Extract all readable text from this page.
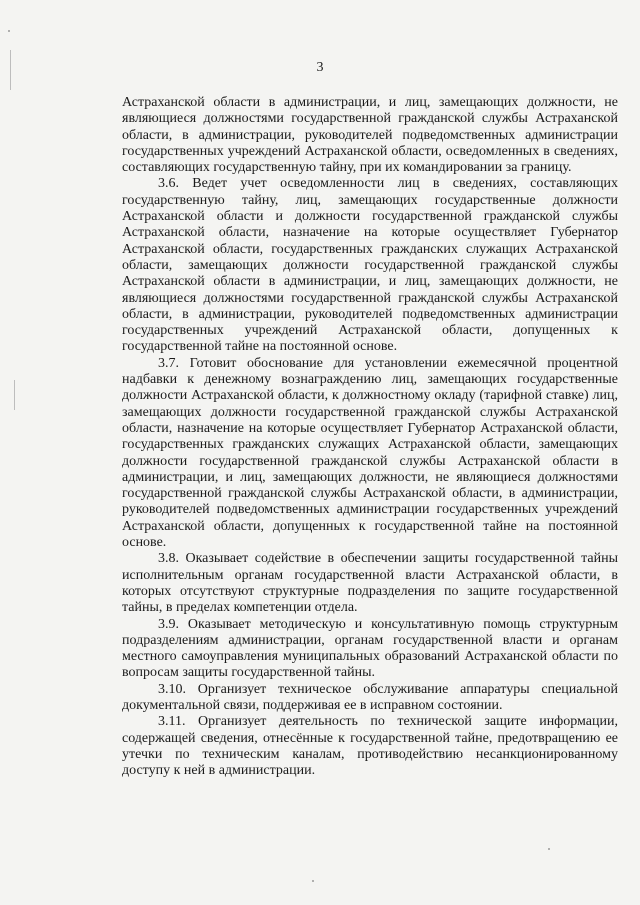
3

Астраханской области в администрации, и лиц, замещающих должности, не являющиеся должностями государственной гражданской службы Астраханской области, в администрации, руководителей подведомственных администрации государственных учреждений Астраханской области, осведомленных в сведениях, составляющих государственную тайну, при их командировании за границу.

3.6. Ведет учет осведомленности лиц в сведениях, составляющих государственную тайну, лиц, замещающих государственные должности Астраханской области и должности государственной гражданской службы Астраханской области, назначение на которые осуществляет Губернатор Астраханской области, государственных гражданских служащих Астраханской области, замещающих должности государственной гражданской службы Астраханской области в администрации, и лиц, замещающих должности, не являющиеся должностями государственной гражданской службы Астраханской области, в администрации, руководителей подведомственных администрации государственных учреждений Астраханской области, допущенных к государственной тайне на постоянной основе.

3.7. Готовит обоснование для установлении ежемесячной процентной надбавки к денежному вознаграждению лиц, замещающих государственные должности Астраханской области, к должностному окладу (тарифной ставке) лиц, замещающих должности государственной гражданской службы Астраханской области, назначение на которые осуществляет Губернатор Астраханской области, государственных гражданских служащих Астраханской области, замещающих должности государственной гражданской службы Астраханской области в администрации, и лиц, замещающих должности, не являющиеся должностями государственной гражданской службы Астраханской области, в администрации, руководителей подведомственных администрации государственных учреждений Астраханской области, допущенных к государственной тайне на постоянной основе.

3.8. Оказывает содействие в обеспечении защиты государственной тайны исполнительным органам государственной власти Астраханской области, в которых отсутствуют структурные подразделения по защите государственной тайны, в пределах компетенции отдела.

3.9. Оказывает методическую и консультативную помощь структурным подразделениям администрации, органам государственной власти и органам местного самоуправления муниципальных образований Астраханской области по вопросам защиты государственной тайны.

3.10. Организует техническое обслуживание аппаратуры специальной документальной связи, поддерживая ее в исправном состоянии.

3.11. Организует деятельность по технической защите информации, содержащей сведения, отнесённые к государственной тайне, предотвращению ее утечки по техническим каналам, противодействию несанкционированному доступу к ней в администрации.
